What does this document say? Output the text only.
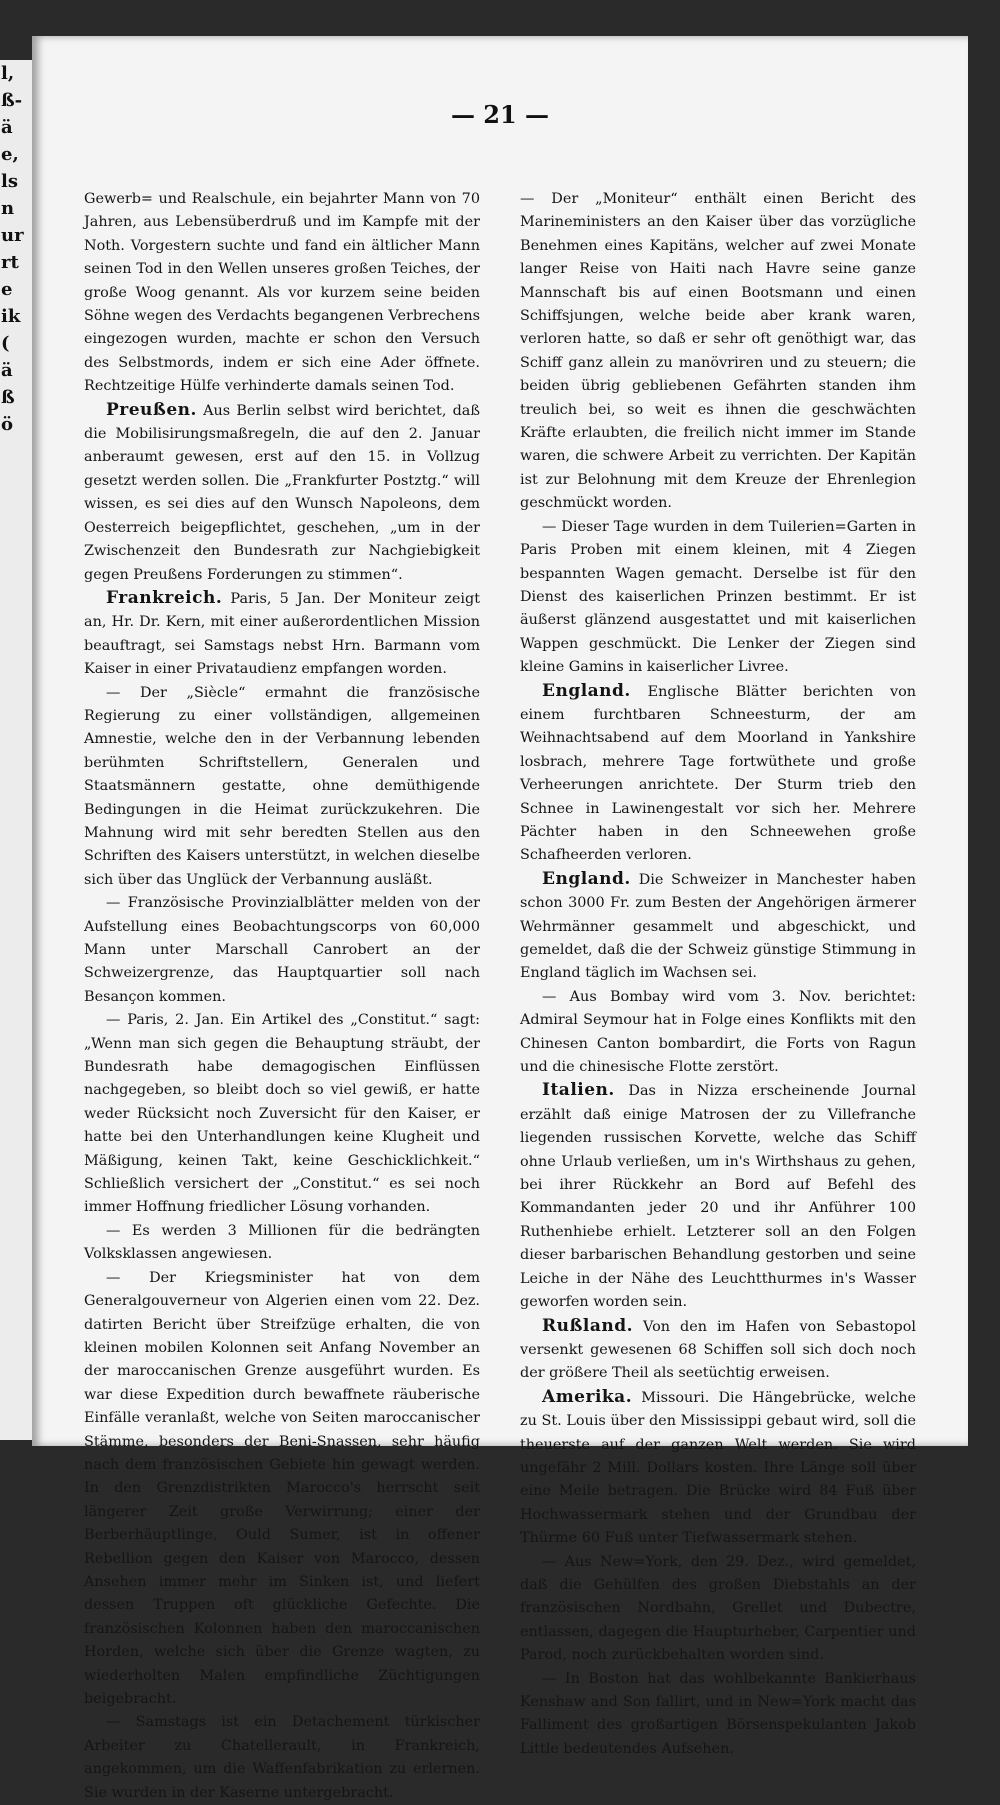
l,
ß-
ä
e,
ls
n
ur
rt
e
ik
(
ä
ß
ö
— 21 —

Gewerb= und Realschule, ein bejahrter Mann von 70 Jahren, aus Lebensüberdruß und im Kampfe mit der Noth. Vorgestern suchte und fand ein ältlicher Mann seinen Tod in den Wellen unseres großen Teiches, der große Woog genannt. Als vor kurzem seine beiden Söhne wegen des Verdachts begangenen Verbrechens eingezogen wurden, machte er schon den Versuch des Selbstmords, indem er sich eine Ader öffnete. Rechtzeitige Hülfe verhinderte damals seinen Tod.

Preußen. Aus Berlin selbst wird berichtet, daß die Mobilisirungsmaßregeln, die auf den 2. Januar anberaumt gewesen, erst auf den 15. in Vollzug gesetzt werden sollen. Die „Frankfurter Postztg.“ will wissen, es sei dies auf den Wunsch Napoleons, dem Oesterreich beigepflichtet, geschehen, „um in der Zwischenzeit den Bundesrath zur Nachgiebigkeit gegen Preußens Forderungen zu stimmen“.

Frankreich. Paris, 5 Jan. Der Moniteur zeigt an, Hr. Dr. Kern, mit einer außerordentlichen Mission beauftragt, sei Samstags nebst Hrn. Barmann vom Kaiser in einer Privataudienz empfangen worden.

— Der „Siècle“ ermahnt die französische Regierung zu einer vollständigen, allgemeinen Amnestie, welche den in der Verbannung lebenden berühmten Schriftstellern, Generalen und Staatsmännern gestatte, ohne demüthigende Bedingungen in die Heimat zurückzukehren. Die Mahnung wird mit sehr beredten Stellen aus den Schriften des Kaisers unterstützt, in welchen dieselbe sich über das Unglück der Verbannung ausläßt.

— Französische Provinzialblätter melden von der Aufstellung eines Beobachtungscorps von 60,000 Mann unter Marschall Canrobert an der Schweizergrenze, das Hauptquartier soll nach Besançon kommen.

— Paris, 2. Jan. Ein Artikel des „Constitut.“ sagt: „Wenn man sich gegen die Behauptung sträubt, der Bundesrath habe demagogischen Einflüssen nachgegeben, so bleibt doch so viel gewiß, er hatte weder Rücksicht noch Zuversicht für den Kaiser, er hatte bei den Unterhandlungen keine Klugheit und Mäßigung, keinen Takt, keine Geschicklichkeit.“ Schließlich versichert der „Constitut.“ es sei noch immer Hoffnung friedlicher Lösung vorhanden.

— Es werden 3 Millionen für die bedrängten Volksklassen angewiesen.

— Der Kriegsminister hat von dem Generalgouverneur von Algerien einen vom 22. Dez. datirten Bericht über Streifzüge erhalten, die von kleinen mobilen Kolonnen seit Anfang November an der maroccanischen Grenze ausgeführt wurden. Es war diese Expedition durch bewaffnete räuberische Einfälle veranlaßt, welche von Seiten maroccanischer Stämme, besonders der Beni-Snassen, sehr häufig nach dem französischen Gebiete hin gewagt werden. In den Grenzdistrikten Marocco's herrscht seit längerer Zeit große Verwirrung; einer der Berberhäuptlinge, Ould Sumer, ist in offener Rebellion gegen den Kaiser von Marocco, dessen Ansehen immer mehr im Sinken ist, und liefert dessen Truppen oft glückliche Gefechte. Die französischen Kolonnen haben den maroccanischen Horden, welche sich über die Grenze wagten, zu wiederholten Malen empfindliche Züchtigungen beigebracht.

— Samstags ist ein Detachement türkischer Arbeiter zu Chatellerault, in Frankreich, angekommen, um die Waffenfabrikation zu erlernen. Sie wurden in der Kaserne untergebracht.

— Der „Moniteur“ enthält einen Bericht des Marineministers an den Kaiser über das vorzügliche Benehmen eines Kapitäns, welcher auf zwei Monate langer Reise von Haiti nach Havre seine ganze Mannschaft bis auf einen Bootsmann und einen Schiffsjungen, welche beide aber krank waren, verloren hatte, so daß er sehr oft genöthigt war, das Schiff ganz allein zu manövriren und zu steuern; die beiden übrig gebliebenen Gefährten standen ihm treulich bei, so weit es ihnen die geschwächten Kräfte erlaubten, die freilich nicht immer im Stande waren, die schwere Arbeit zu verrichten. Der Kapitän ist zur Belohnung mit dem Kreuze der Ehrenlegion geschmückt worden.

— Dieser Tage wurden in dem Tuilerien=Garten in Paris Proben mit einem kleinen, mit 4 Ziegen bespannten Wagen gemacht. Derselbe ist für den Dienst des kaiserlichen Prinzen bestimmt. Er ist äußerst glänzend ausgestattet und mit kaiserlichen Wappen geschmückt. Die Lenker der Ziegen sind kleine Gamins in kaiserlicher Livree.

England. Englische Blätter berichten von einem furchtbaren Schneesturm, der am Weihnachtsabend auf dem Moorland in Yankshire losbrach, mehrere Tage fortwüthete und große Verheerungen anrichtete. Der Sturm trieb den Schnee in Lawinengestalt vor sich her. Mehrere Pächter haben in den Schneewehen große Schafheerden verloren.

England. Die Schweizer in Manchester haben schon 3000 Fr. zum Besten der Angehörigen ärmerer Wehrmänner gesammelt und abgeschickt, und gemeldet, daß die der Schweiz günstige Stimmung in England täglich im Wachsen sei.

— Aus Bombay wird vom 3. Nov. berichtet: Admiral Seymour hat in Folge eines Konflikts mit den Chinesen Canton bombardirt, die Forts von Ragun und die chinesische Flotte zerstört.

Italien. Das in Nizza erscheinende Journal erzählt daß einige Matrosen der zu Villefranche liegenden russischen Korvette, welche das Schiff ohne Urlaub verließen, um in's Wirthshaus zu gehen, bei ihrer Rückkehr an Bord auf Befehl des Kommandanten jeder 20 und ihr Anführer 100 Ruthenhiebe erhielt. Letzterer soll an den Folgen dieser barbarischen Behandlung gestorben und seine Leiche in der Nähe des Leuchtthurmes in's Wasser geworfen worden sein.

Rußland. Von den im Hafen von Sebastopol versenkt gewesenen 68 Schiffen soll sich doch noch der größere Theil als seetüchtig erweisen.

Amerika. Missouri. Die Hängebrücke, welche zu St. Louis über den Mississippi gebaut wird, soll die theuerste auf der ganzen Welt werden. Sie wird ungefähr 2 Mill. Dollars kosten. Ihre Länge soll über eine Meile betragen. Die Brücke wird 84 Fuß über Hochwassermark stehen und der Grundbau der Thürme 60 Fuß unter Tiefwassermark stehen.

— Aus New=York, den 29. Dez., wird gemeldet, daß die Gehülfen des großen Diebstahls an der französischen Nordbahn, Grellet und Dubectre, entlassen, dagegen die Haupturheber, Carpentier und Parod, noch zurückbehalten worden sind.

— In Boston hat das wohlbekannte Bankierhaus Kenshaw and Son fallirt, und in New=York macht das Falliment des großartigen Börsenspekulanten Jakob Little bedeutendes Aufsehen.
